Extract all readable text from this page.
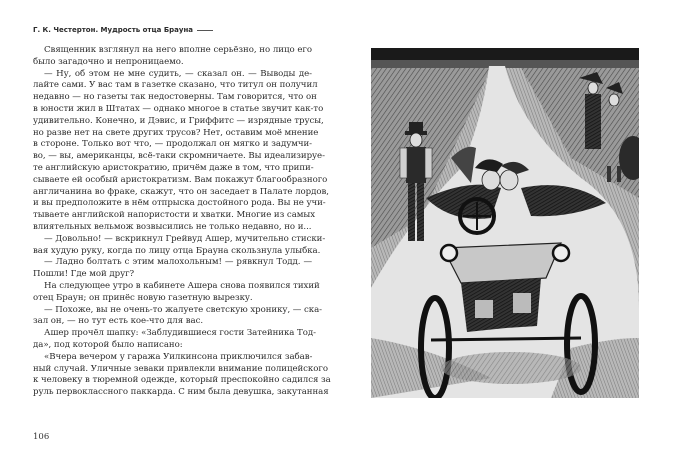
Г. К. Честертон. Мудрость отца Брауна
Священник взглянул на него вполне серьёзно, но лицо его
было загадочно и непроницаемо.
— Ну, об этом не мне судить, — сказал он. — Выводы де-
лайте сами. У вас там в газетке сказано, что титул он получил
недавно — но газеты так недостоверны. Там говорится, что он
в юности жил в Штатах — однако многое в статье звучит как-то
удивительно. Конечно, и Дэвис, и Гриффитс — изрядные трусы,
но разве нет на свете других трусов? Нет, оставим моё мнение
в стороне. Только вот что, — продолжал он мягко и задумчи-
во, — вы, американцы, всё-таки скромничаете. Вы идеализируе-
те английскую аристократию, причём даже в том, что припи-
сываете ей особый аристократизм. Вам покажут благообразного
англичанина во фраке, скажут, что он заседает в Палате лордов,
и вы предположите в нём отпрыска достойного рода. Вы не учи-
тываете английской напористости и хватки. Многие из самых
влиятельных вельмож возвысились не только недавно, но и...
— Довольно! — вскрикнул Грейвуд Ашер, мучительно стиски-
вая худую руку, когда по лицу отца Брауна скользнула улыбка.
— Ладно болтать с этим малохольным! — рявкнул Тодд. —
Пошли! Где мой друг?
На следующее утро в кабинете Ашера снова появился тихий
отец Браун; он принёс новую газетную вырезку.
— Похоже, вы не очень-то жалуете светскую хронику, — ска-
зал он, — но тут есть кое-что для вас.
Ашер прочёл шапку: «Заблудившиеся гости Затейника Тод-
да», под которой было написано:
«Вчера вечером у гаража Уилкинсона приключился забав-
ный случай. Уличные зеваки привлекли внимание полицейского
к человеку в тюремной одежде, который преспокойно садился за
руль первоклассного паккарда. С ним была девушка, закутанная
106
